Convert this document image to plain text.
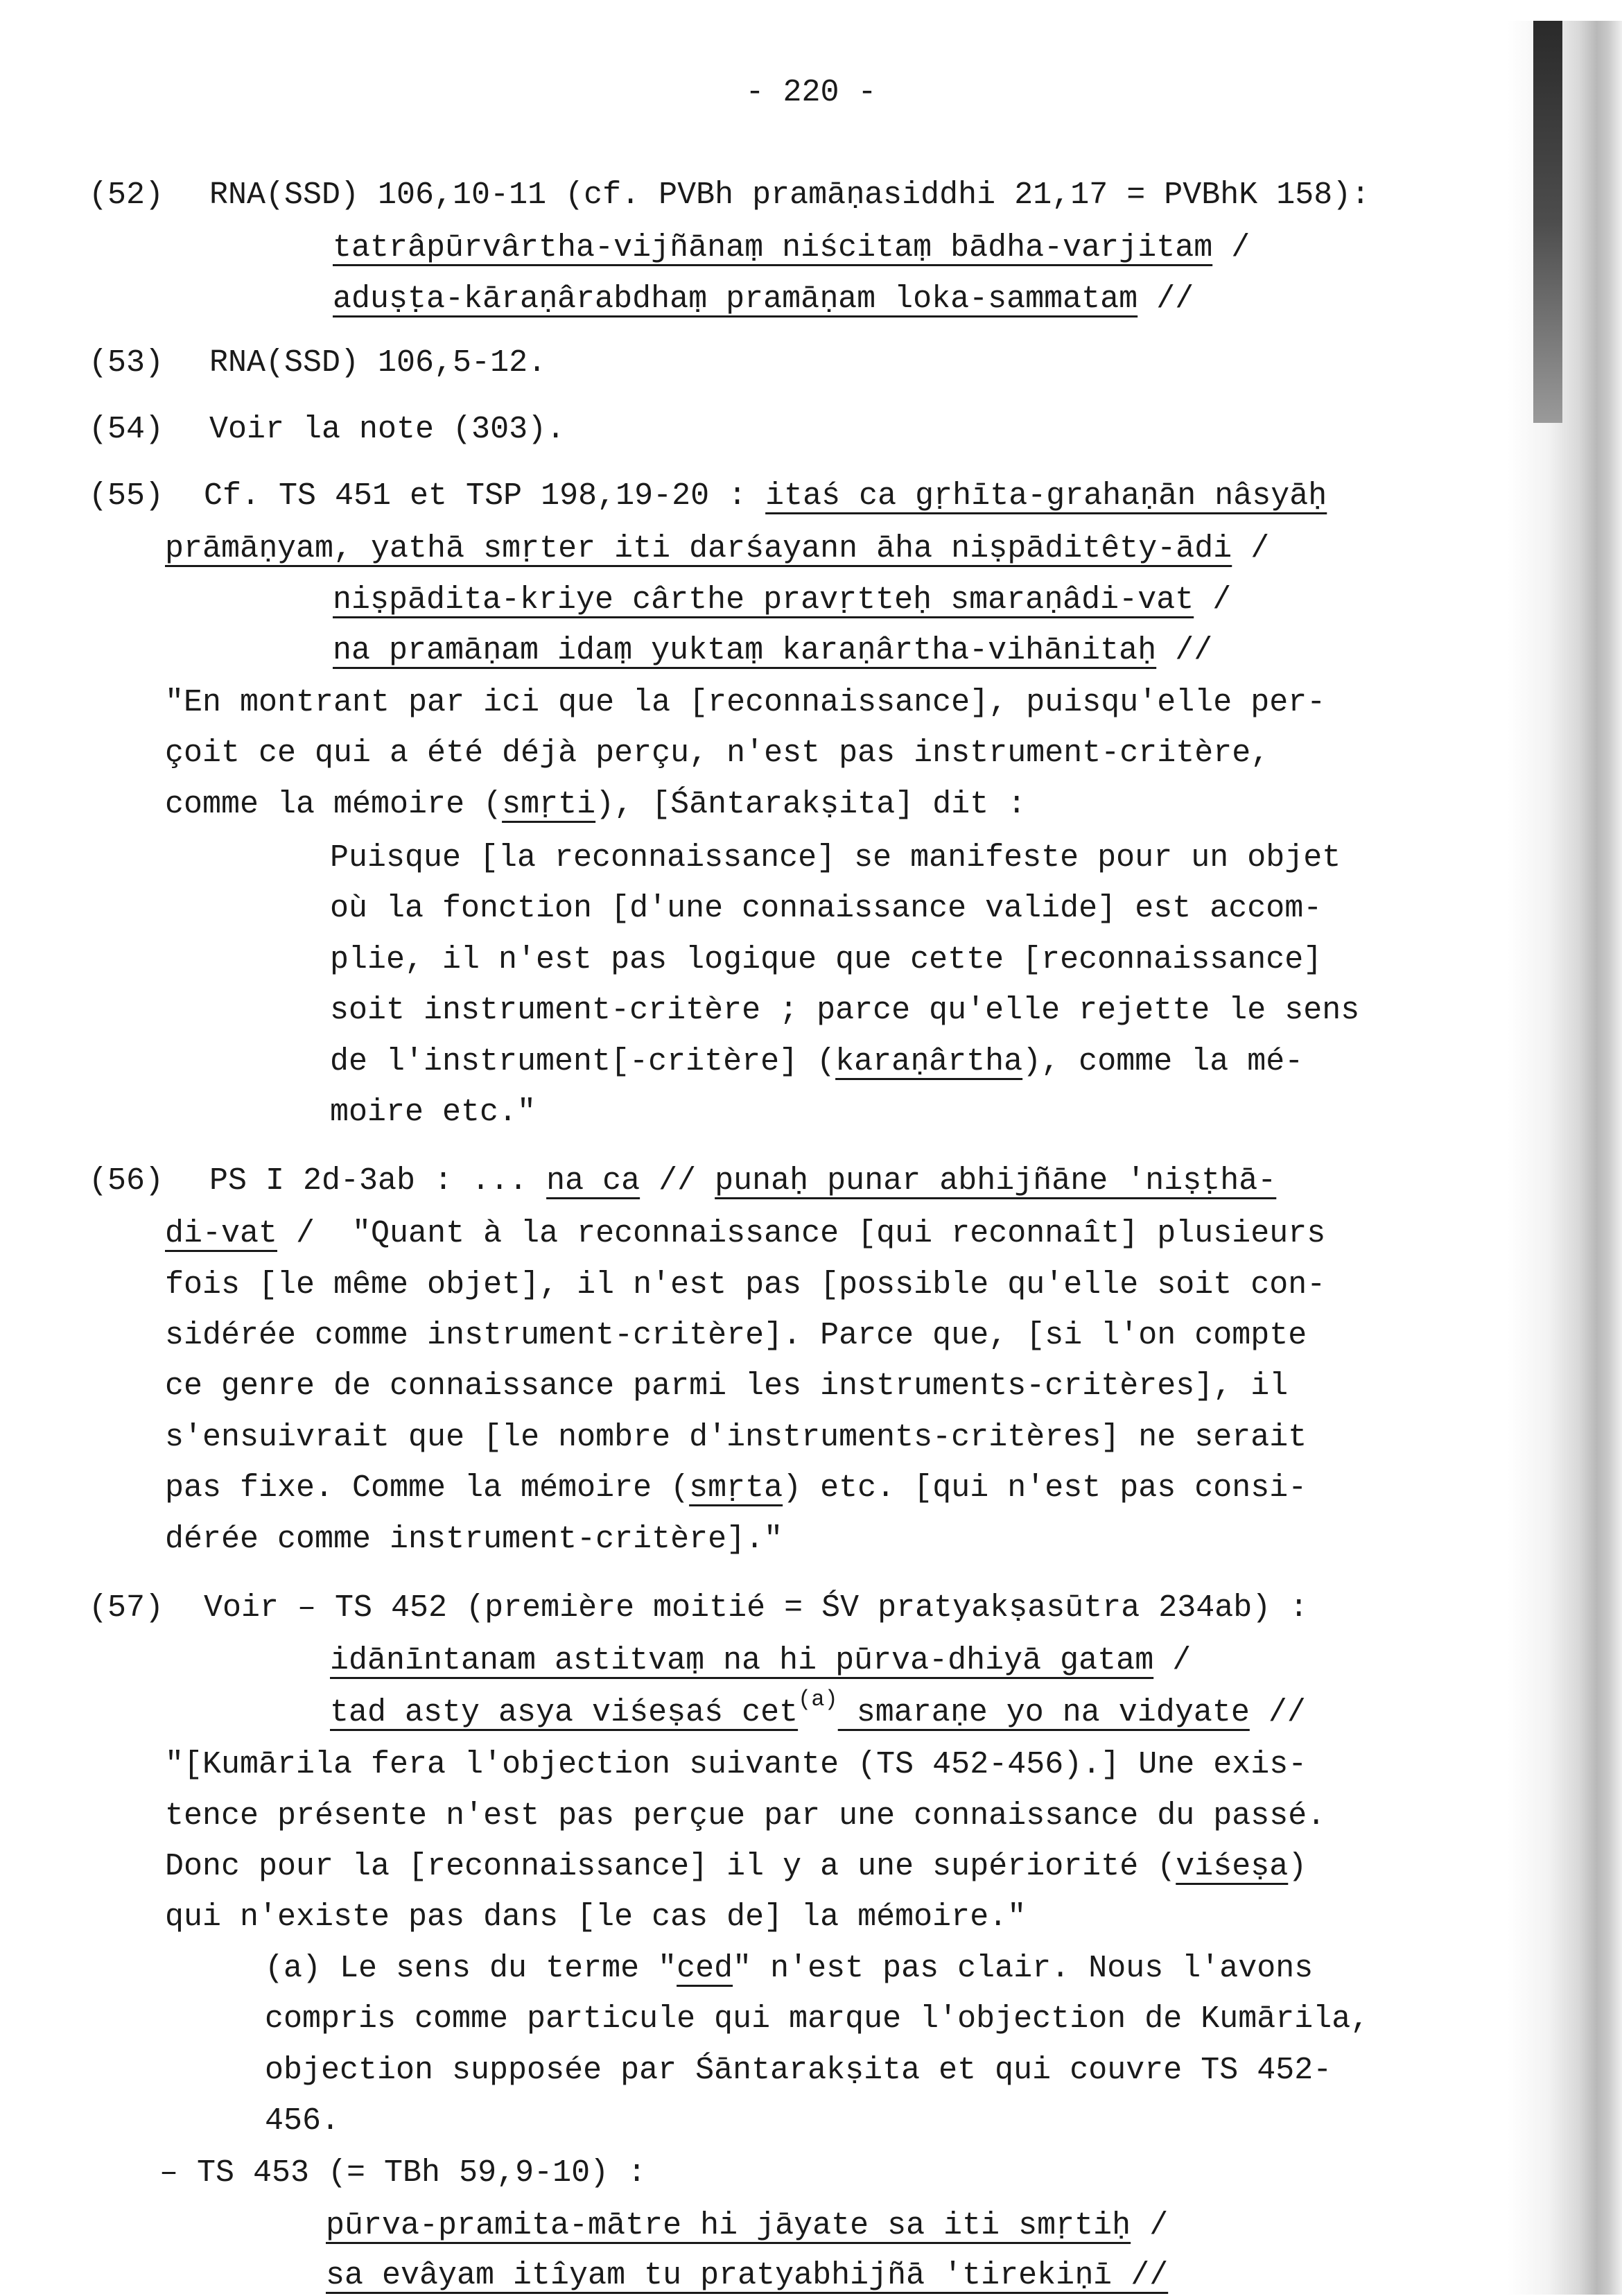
- 220 -
(52) RNA(SSD) 106,10-11 (cf. PVBh pramāṇasiddhi 21,17 = PVBhK 158):
tatrâpūrvârtha-vijñānaṃ niścitaṃ bādha-varjitam /
aduṣṭa-kāraṇârabdhaṃ pramāṇam loka-sammatam //
(53) RNA(SSD) 106,5-12.
(54) Voir la note (303).
(55) Cf. TS 451 et TSP 198,19-20 : itaś ca gṛhīta-grahaṇān nâsyāḥ
prāmāṇyam, yathā smṛter iti darśayann āha niṣpāditêty-ādi /
niṣpādita-kriye cârthe pravṛtteḥ smaraṇâdi-vat /
na pramāṇam idaṃ yuktaṃ karaṇârtha-vihānitaḥ //
"En montrant par ici que la [reconnaissance], puisqu'elle per-
çoit ce qui a été déjà perçu, n'est pas instrument-critère,
comme la mémoire (smṛti), [Śāntarakṣita] dit :
Puisque [la reconnaissance] se manifeste pour un objet
où la fonction [d'une connaissance valide] est accom-
plie, il n'est pas logique que cette [reconnaissance]
soit instrument-critère ; parce qu'elle rejette le sens
de l'instrument[-critère] (karaṇârtha), comme la mé-
moire etc."
(56) PS I 2d-3ab : ... na ca // punaḥ punar abhijñāne 'niṣṭhā-
di-vat /  "Quant à la reconnaissance [qui reconnaît] plusieurs
fois [le même objet], il n'est pas [possible qu'elle soit con-
sidérée comme instrument-critère]. Parce que, [si l'on compte
ce genre de connaissance parmi les instruments-critères], il
s'ensuivrait que [le nombre d'instruments-critères] ne serait
pas fixe. Comme la mémoire (smṛta) etc. [qui n'est pas consi-
dérée comme instrument-critère]."
(57) Voir – TS 452 (première moitié = ŚV pratyakṣasūtra 234ab) :
idānīntanam astitvaṃ na hi pūrva-dhiyā gatam /
tad asty asya viśeṣaś cet$^{(a)}$ smaraṇe yo na vidyate //
"[Kumārila fera l'objection suivante (TS 452-456).] Une exis-
tence présente n'est pas perçue par une connaissance du passé.
Donc pour la [reconnaissance] il y a une supériorité (viśeṣa)
qui n'existe pas dans [le cas de] la mémoire."
(a) Le sens du terme "ced" n'est pas clair. Nous l'avons
compris comme particule qui marque l'objection de Kumārila,
objection supposée par Śāntarakṣita et qui couvre TS 452-
456.
– TS 453 (= TBh 59,9-10) :
pūrva-pramita-mātre hi jāyate sa iti smṛtiḥ /
sa evâyam itîyam tu pratyabhijñā 'tirekiṇī //
